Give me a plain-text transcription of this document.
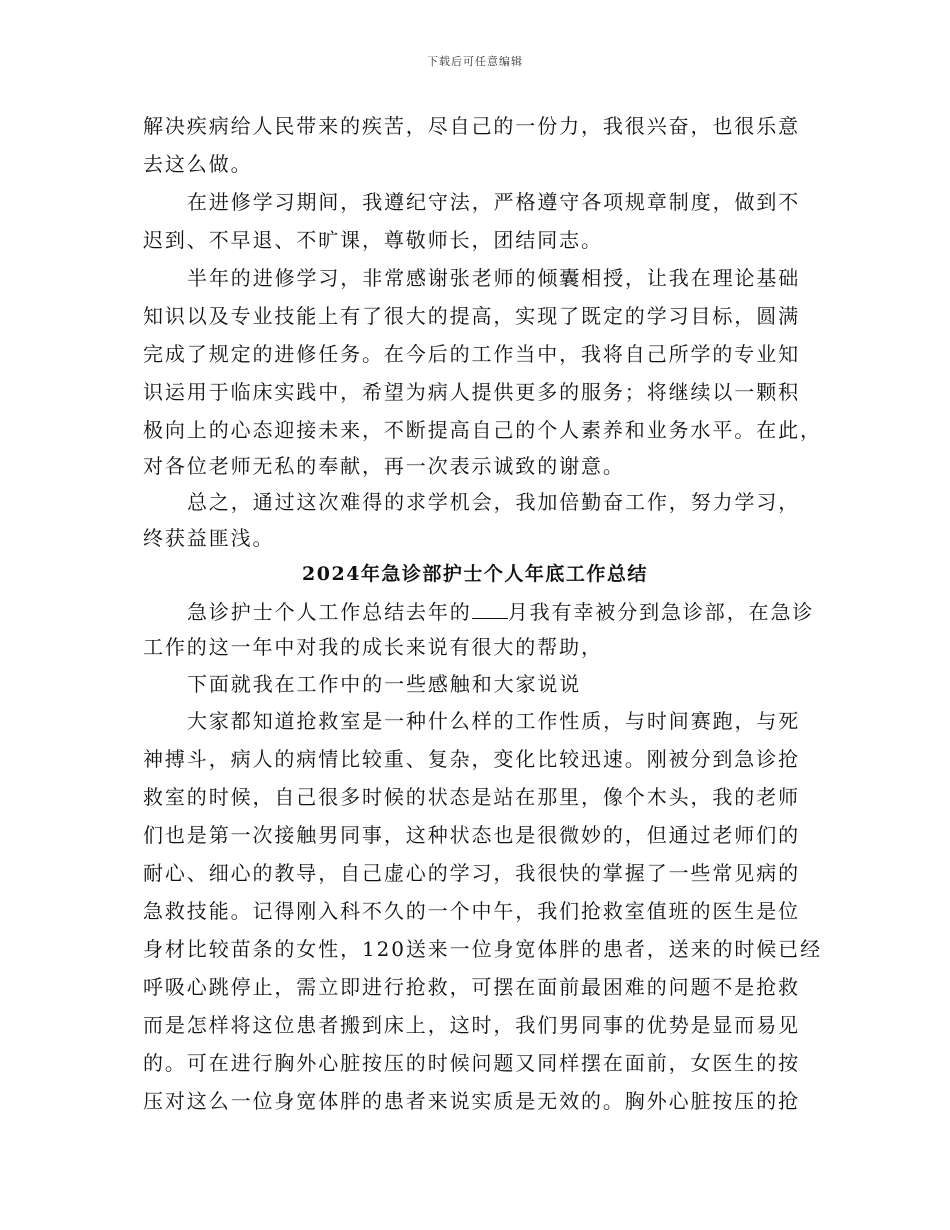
下载后可任意编辑
解决疾病给人民带来的疾苦，尽自己的一份力，我很兴奋，也很乐意
去这么做。
在进修学习期间，我遵纪守法，严格遵守各项规章制度，做到不
迟到、不早退、不旷课，尊敬师长，团结同志。
半年的进修学习，非常感谢张老师的倾囊相授，让我在理论基础
知识以及专业技能上有了很大的提高，实现了既定的学习目标，圆满
完成了规定的进修任务。在今后的工作当中，我将自己所学的专业知
识运用于临床实践中，希望为病人提供更多的服务；将继续以一颗积
极向上的心态迎接未来，不断提高自己的个人素养和业务水平。在此，
对各位老师无私的奉献，再一次表示诚致的谢意。
总之，通过这次难得的求学机会，我加倍勤奋工作，努力学习，
终获益匪浅。
2024年急诊部护士个人年底工作总结
急诊护士个人工作总结去年的 月我有幸被分到急诊部，在急诊
工作的这一年中对我的成长来说有很大的帮助，
下面就我在工作中的一些感触和大家说说
大家都知道抢救室是一种什么样的工作性质，与时间赛跑，与死
神搏斗，病人的病情比较重、复杂，变化比较迅速。刚被分到急诊抢
救室的时候，自己很多时候的状态是站在那里，像个木头，我的老师
们也是第一次接触男同事，这种状态也是很微妙的，但通过老师们的
耐心、细心的教导，自己虚心的学习，我很快的掌握了一些常见病的
急救技能。记得刚入科不久的一个中午，我们抢救室值班的医生是位
身材比较苗条的女性，120送来一位身宽体胖的患者，送来的时候已经
呼吸心跳停止，需立即进行抢救，可摆在面前最困难的问题不是抢救
而是怎样将这位患者搬到床上，这时，我们男同事的优势是显而易见
的。可在进行胸外心脏按压的时候问题又同样摆在面前，女医生的按
压对这么一位身宽体胖的患者来说实质是无效的。胸外心脏按压的抢
